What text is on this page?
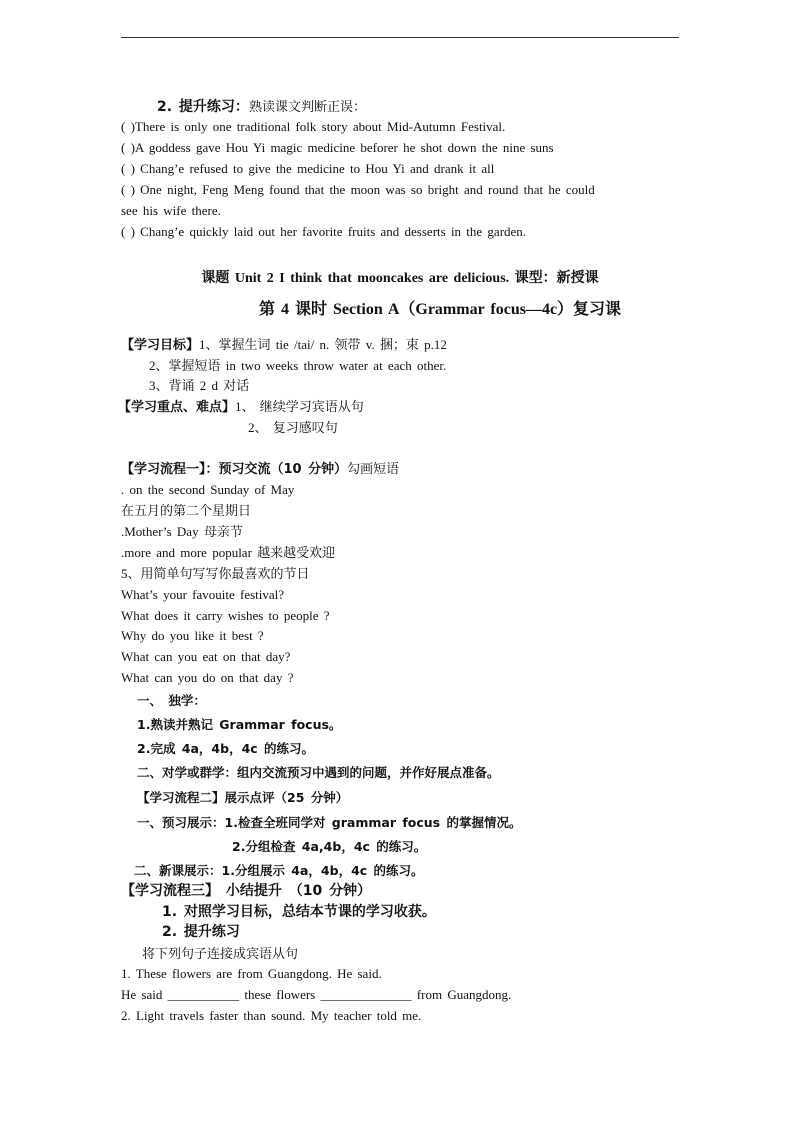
2. 提升练习：熟读课文判断正误：
( )There is only one traditional folk story about Mid-Autumn Festival.
( )A goddess gave Hou Yi magic medicine beforer he shot down the nine suns
( ) Chang’e refused to give the medicine to Hou Yi and drank it all
( ) One night, Feng Meng found that the moon was so bright and round that he could
see his wife there.
( ) Chang’e quickly laid out her favorite fruits and desserts in the garden.
课题 Unit 2 I think that mooncakes are delicious. 课型：新授课
第 4 课时 Section A（Grammar focus—4c）复习课
【学习目标】1、掌握生词 tie /tai/ n. 领带 v. 捆；束 p.12
2、掌握短语 in two weeks throw water at each other.
3、背诵 2 d 对话
【学习重点、难点】1、 继续学习宾语从句
2、 复习感叹句
【学习流程一】：预习交流（10 分钟）勾画短语
. on the second Sunday of May
在五月的第二个星期日
.Mother’s Day 母亲节
.more and more popular 越来越受欢迎
5、用简单句写写你最喜欢的节日
What’s your favouite festival?
What does it carry wishes to people ?
Why do you like it best ?
What can you eat on that day?
What can you do on that day ?
一、 独学：
1.熟读并熟记 Grammar focus。
2.完成 4a，4b，4c 的练习。
二、对学或群学：组内交流预习中遇到的问题，并作好展点准备。
【学习流程二】展示点评（25 分钟）
一、预习展示：1.检查全班同学对 grammar focus 的掌握情况。
2.分组检查 4a,4b，4c 的练习。
二、新课展示：1.分组展示 4a，4b，4c 的练习。
【学习流程三】 小结提升 （10 分钟）
1. 对照学习目标，总结本节课的学习收获。
2. 提升练习
将下列句子连接成宾语从句
1. These flowers are from Guangdong. He said.
He said ___________ these flowers ______________ from Guangdong.
2. Light travels faster than sound. My teacher told me.
